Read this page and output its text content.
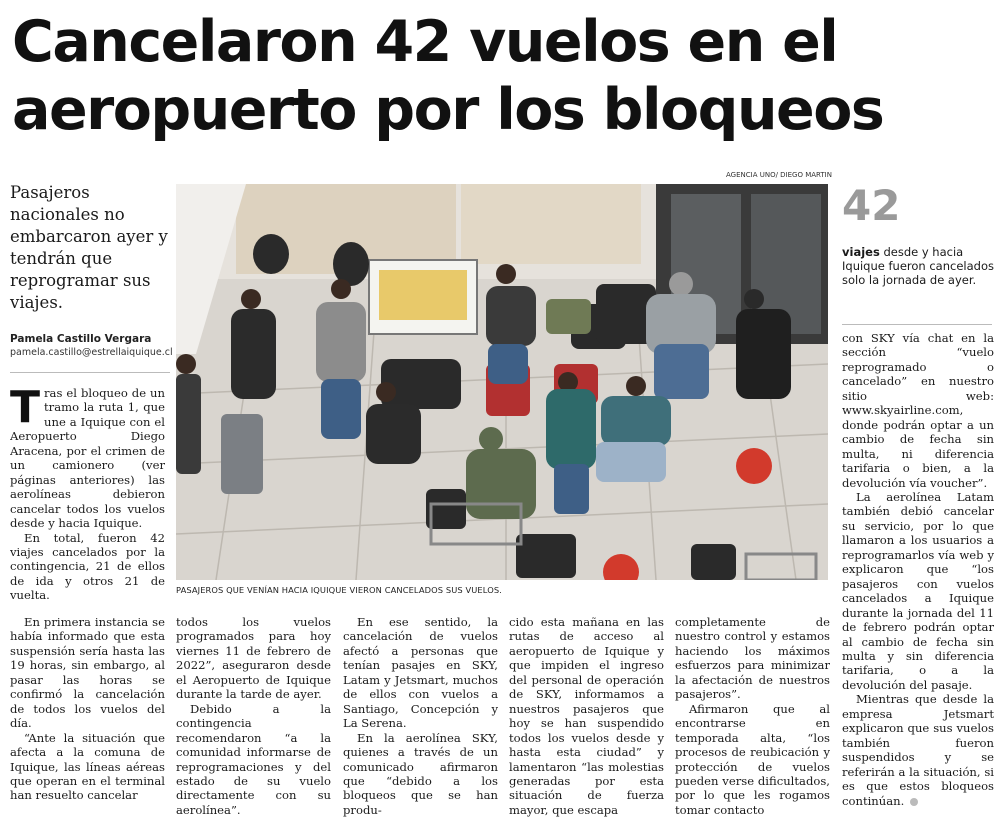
Cancelaron 42 vuelos en el aeropuerto por los bloqueos

Pasajeros nacionales no embarcaron ayer y tendrán que reprogramar sus viajes.

Pamela Castillo Vergara
pamela.castillo@estrellaiquique.cl
AGENCIA UNO/ DIEGO MARTIN
PASAJEROS QUE VENÍAN HACIA IQUIQUE VIERON CANCELADOS SUS VUELOS.
42

viajes desde y hacia Iquique fueron cancelados solo la jornada de ayer.

Tras el bloqueo de un tramo la ruta 1, que une a Iquique con el Aeropuerto Diego Aracena, por el crimen de un camionero (ver páginas anteriores) las aerolíneas debieron cancelar todos los vuelos desde y hacia Iquique.

En total, fueron 42 viajes cancelados por la contingencia, 21 de ellos de ida y otros 21 de vuelta.

En primera instancia se había informado que esta suspensión sería hasta las 19 horas, sin embargo, al pasar las horas se confirmó la cancelación de todos los vuelos del día.

“Ante la situación que afecta a la comuna de Iquique, las líneas aéreas que operan en el terminal han resuelto cancelar

todos los vuelos programados para hoy viernes 11 de febrero de 2022”, aseguraron desde el Aeropuerto de Iquique durante la tarde de ayer.

Debido a la contingencia recomendaron “a la comunidad informarse de reprogramaciones y del estado de su vuelo directamente con su aerolínea”.

En ese sentido, la cancelación de vuelos afectó a personas que tenían pasajes en SKY, Latam y Jetsmart, muchos de ellos con vuelos a Santiago, Concepción y La Serena.

En la aerolínea SKY, quienes a través de un comunicado afirmaron que “debido a los bloqueos que se han produ-

cido esta mañana en las rutas de acceso al aeropuerto de Iquique y que impiden el ingreso del personal de operación de SKY, informamos a nuestros pasajeros que hoy se han suspendido todos los vuelos desde y hasta esta ciudad” y lamentaron “las molestias generadas por esta situación de fuerza mayor, que escapa

completamente de nuestro control y estamos haciendo los máximos esfuerzos para minimizar la afectación de nuestros pasajeros”.

Afirmaron que al encontrarse en temporada alta, “los procesos de reubicación y protección de vuelos pueden verse dificultados, por lo que les rogamos tomar contacto

con SKY vía chat en la sección “vuelo reprogramado o cancelado” en nuestro sitio web: www.skyairline.com, donde podrán optar a un cambio de fecha sin multa, ni diferencia tarifaria o bien, a la devolución vía voucher”.

La aerolínea Latam también debió cancelar su servicio, por lo que llamaron a los usuarios a reprogramarlos vía web y explicaron que “los pasajeros con vuelos cancelados a Iquique durante la jornada del 11 de febrero podrán optar al cambio de fecha sin multa y sin diferencia tarifaria, o a la devolución del pasaje.

Mientras que desde la empresa Jetsmart explicaron que sus vuelos también fueron suspendidos y se referirán a la situación, si es que estos bloqueos continúan.
